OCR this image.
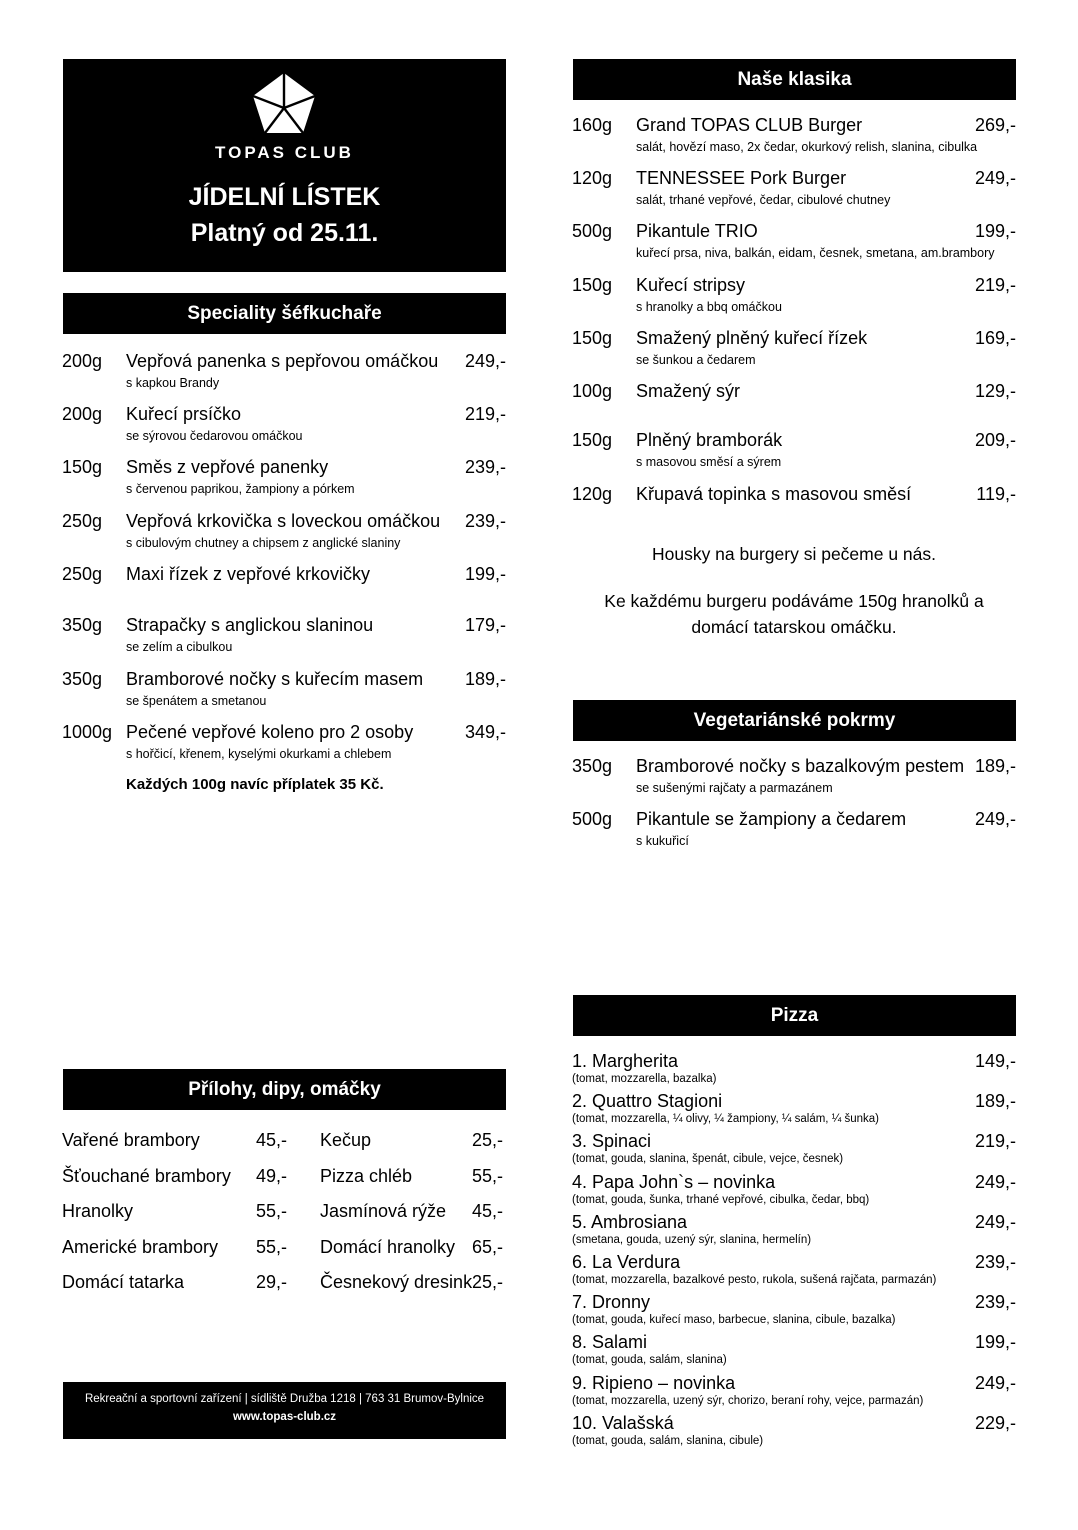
TOPAS CLUB
JÍDELNÍ LÍSTEK
Platný od 25.11.
Speciality šéfkuchaře
200g Vepřová panenka s pepřovou omáčkou 249,-
s kapkou Brandy
200g Kuřecí prsíčko	219,-
se sýrovou čedarovou omáčkou
150g Směs z vepřové panenky	239,-
s červenou paprikou, žampiony a pórkem
250g Vepřová krkovička s loveckou omáčkou 239,-
s cibulovým chutney a chipsem z anglické slaniny
250g Maxi řízek z vepřové krkovičky	199,-
350g Strapačky s anglickou slaninou	179,-
se zelím a cibulkou
350g Bramborové nočky s kuřecím masem 189,-
se špenátem a smetanou
1000g Pečené vepřové koleno pro 2 osoby	349,-
s hořčicí, křenem, kyselými okurkami a chlebem
Každých 100g navíc příplatek 35 Kč.
Naše klasika
160g Grand TOPAS CLUB Burger	269,-
salát, hovězí maso, 2x čedar, okurkový relish, slanina, cibulka
120g TENNESSEE Pork Burger	249,-
salát, trhané vepřové, čedar, cibulové chutney
500g Pikantule TRIO	199,-
kuřecí prsa, niva, balkán, eidam, česnek, smetana, am.brambory
150g Kuřecí stripsy	219,-
s hranolky a bbq omáčkou
150g Smažený plněný kuřecí řízek	169,-
se šunkou a čedarem
100g Smažený sýr	129,-
150g Plněný bramborák	209,-
s masovou směsí a sýrem
120g Křupavá topinka s masovou směsí	119,-
Housky na burgery si pečeme u nás.
Ke každému burgeru podáváme 150g hranolků a
domácí tatarskou omáčku.
Vegetariánské pokrmy
350g Bramborové nočky s bazalkovým pestem 189,-
se sušenými rajčaty a parmazánem
500g Pikantule se žampiony a čedarem	249,-
s kukuřicí
Přílohy, dipy, omáčky
Vařené brambory	45,-
Šťouchané brambory 49,-
Hranolky	55,-
Americké brambory 55,-
Domácí tatarka	29,-
Kečup	25,-
Pizza chléb	55,-
Jasmínová rýže 45,-
Domácí hranolky 65,-
Česnekový dresink 25,-
Pizza
1. Margherita	149,-
(tomat, mozzarella, bazalka)
2. Quattro Stagioni	189,-
(tomat, mozzarella, ¼ olivy, ¼ žampiony, ¼ salám, ¼ šunka)
3. Spinaci	219,-
(tomat, gouda, slanina, špenát, cibule, vejce, česnek)
4. Papa John`s – novinka	249,-
(tomat, gouda, šunka, trhané vepřové, cibulka, čedar, bbq)
5. Ambrosiana	249,-
(smetana, gouda, uzený sýr, slanina, hermelín)
6. La Verdura	239,-
(tomat, mozzarella, bazalkové pesto, rukola, sušená rajčata, parmazán)
7. Dronny	239,-
(tomat, gouda, kuřecí maso, barbecue, slanina, cibule, bazalka)
8. Salami	199,-
(tomat, gouda, salám, slanina)
9. Ripieno – novinka	249,-
(tomat, mozzarella, uzený sýr, chorizo, beraní rohy, vejce, parmazán)
10. Valašská	229,-
(tomat, gouda, salám, slanina, cibule)
Rekreační a sportovní zařízení | sídliště Družba 1218 | 763 31 Brumov-Bylnice
www.topas-club.cz
